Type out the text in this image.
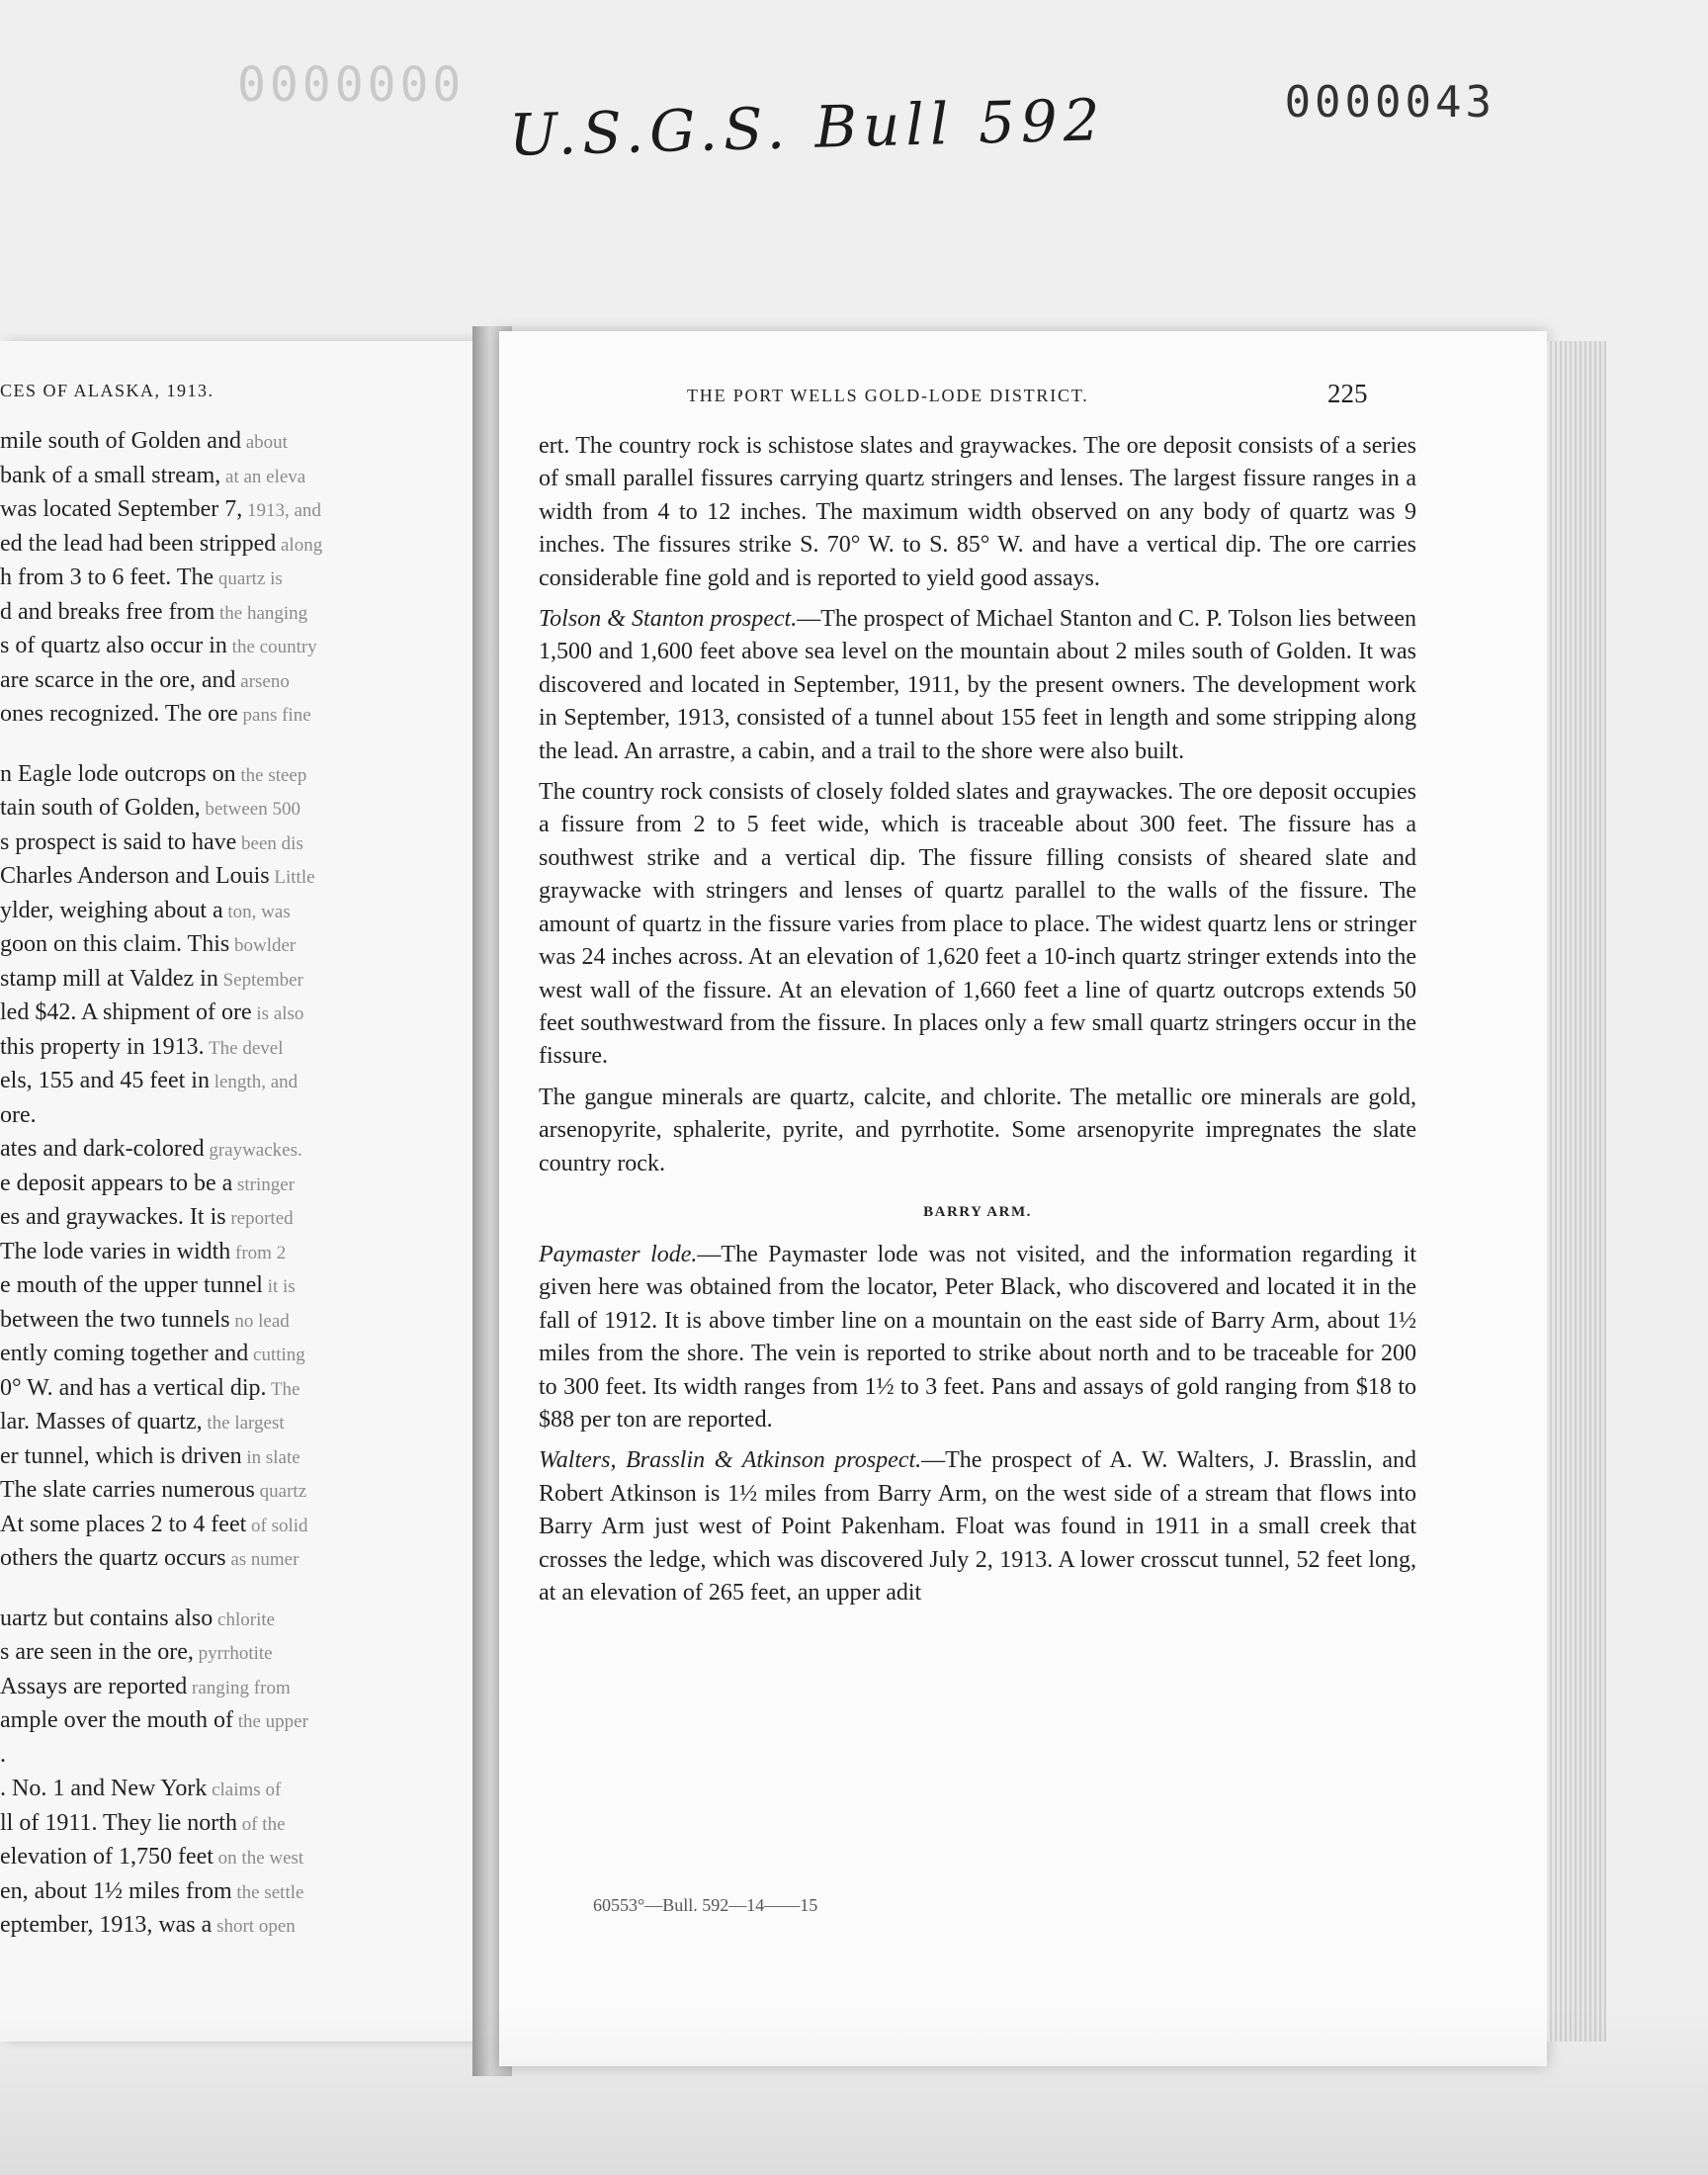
0000000
U.S.G.S. Bull 592	0000043
CES OF ALASKA, 1913.
mile south of Golden and about
bank of a small stream, at an eleva
was located September 7, 1913, and
ed the lead had been stripped along
h from 3 to 6 feet. The quartz is
d and breaks free from the hanging
s of quartz also occur in the country
are scarce in the ore, and arseno
ones recognized. The ore pans fine
n Eagle lode outcrops on the steep
tain south of Golden, between 500
s prospect is said to have been dis
Charles Anderson and Louis Little
ylder, weighing about a ton, was
goon on this claim. This bowlder
stamp mill at Valdez in September
led $42. A shipment of ore is also
this property in 1913. The devel
els, 155 and 45 feet in length, and
ore.
ates and dark-colored graywackes.
e deposit appears to be a stringer
es and graywackes. It is reported
The lode varies in width from 2
e mouth of the upper tunnel it is
between the two tunnels no lead
ently coming together and cutting
0° W. and has a vertical dip. The
lar. Masses of quartz, the largest
er tunnel, which is driven in slate
The slate carries numerous quartz
At some places 2 to 4 feet of solid
others the quartz occurs as numer
uartz but contains also chlorite
s are seen in the ore, pyrrhotite
Assays are reported ranging from
ample over the mouth of the upper
.
. No. 1 and New York claims of
ll of 1911. They lie north of the
elevation of 1,750 feet on the west
en, about 1½ miles from the settle
eptember, 1913, was a short open
THE PORT WELLS GOLD-LODE DISTRICT.	225

ert. The country rock is schistose slates and graywackes. The ore deposit consists of a series of small parallel fissures carrying quartz stringers and lenses. The largest fissure ranges in a width from 4 to 12 inches. The maximum width observed on any body of quartz was 9 inches. The fissures strike S. 70° W. to S. 85° W. and have a vertical dip. The ore carries considerable fine gold and is reported to yield good assays.

Tolson & Stanton prospect.—The prospect of Michael Stanton and C. P. Tolson lies between 1,500 and 1,600 feet above sea level on the mountain about 2 miles south of Golden. It was discovered and located in September, 1911, by the present owners. The development work in September, 1913, consisted of a tunnel about 155 feet in length and some stripping along the lead. An arrastre, a cabin, and a trail to the shore were also built.

The country rock consists of closely folded slates and graywackes. The ore deposit occupies a fissure from 2 to 5 feet wide, which is traceable about 300 feet. The fissure has a southwest strike and a vertical dip. The fissure filling consists of sheared slate and graywacke with stringers and lenses of quartz parallel to the walls of the fissure. The amount of quartz in the fissure varies from place to place. The widest quartz lens or stringer was 24 inches across. At an elevation of 1,620 feet a 10-inch quartz stringer extends into the west wall of the fissure. At an elevation of 1,660 feet a line of quartz outcrops extends 50 feet southwestward from the fissure. In places only a few small quartz stringers occur in the fissure.

The gangue minerals are quartz, calcite, and chlorite. The metallic ore minerals are gold, arsenopyrite, sphalerite, pyrite, and pyrrhotite. Some arsenopyrite impregnates the slate country rock.

BARRY ARM.

Paymaster lode.—The Paymaster lode was not visited, and the information regarding it given here was obtained from the locator, Peter Black, who discovered and located it in the fall of 1912. It is above timber line on a mountain on the east side of Barry Arm, about 1½ miles from the shore. The vein is reported to strike about north and to be traceable for 200 to 300 feet. Its width ranges from 1½ to 3 feet. Pans and assays of gold ranging from $18 to $88 per ton are reported.

Walters, Brasslin & Atkinson prospect.—The prospect of A. W. Walters, J. Brasslin, and Robert Atkinson is 1½ miles from Barry Arm, on the west side of a stream that flows into Barry Arm just west of Point Pakenham. Float was found in 1911 in a small creek that crosses the ledge, which was discovered July 2, 1913. A lower crosscut tunnel, 52 feet long, at an elevation of 265 feet, an upper adit

60553°—Bull. 592—14——15
